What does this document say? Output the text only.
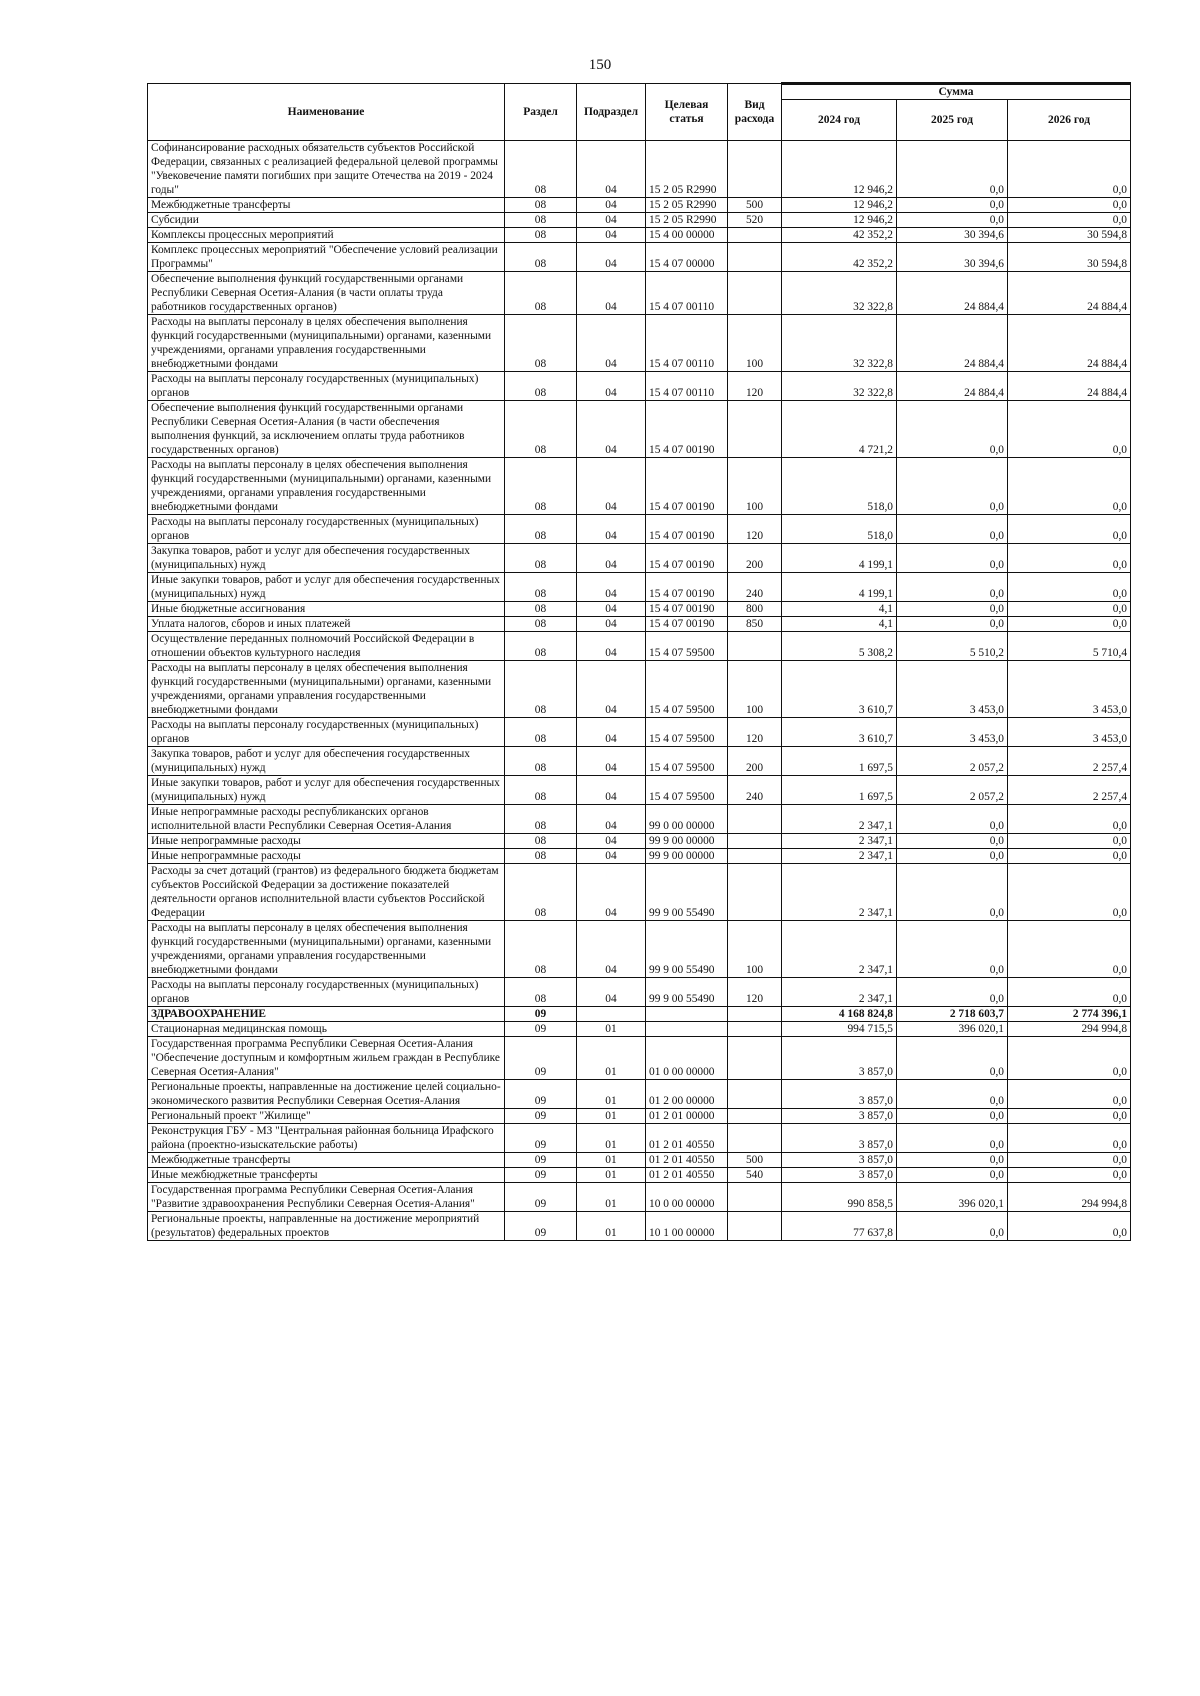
150
Наименование	Раздел	Подраздел	Целевая статья	Вид расхода	Сумма		
					2024 год	2025 год	2026 год
Софинансирование расходных обязательств субъектов Российской Федерации, связанных с реализацией федеральной целевой программы "Увековечение памяти погибших при защите Отечества на 2019 - 2024 годы"	08	04	15 2 05 R2990		12 946,2	0,0	0,0
Межбюджетные трансферты	08	04	15 2 05 R2990	500	12 946,2	0,0	0,0
Субсидии	08	04	15 2 05 R2990	520	12 946,2	0,0	0,0
Комплексы процессных мероприятий	08	04	15 4 00 00000		42 352,2	30 394,6	30 594,8
Комплекс процессных мероприятий "Обеспечение условий реализации Программы"	08	04	15 4 07 00000		42 352,2	30 394,6	30 594,8
Обеспечение выполнения функций государственными органами Республики Северная Осетия-Алания (в части оплаты труда работников государственных органов)	08	04	15 4 07 00110		32 322,8	24 884,4	24 884,4
Расходы на выплаты персоналу в целях обеспечения выполнения функций государственными (муниципальными) органами, казенными учреждениями, органами управления государственными внебюджетными фондами	08	04	15 4 07 00110	100	32 322,8	24 884,4	24 884,4
Расходы на выплаты персоналу государственных (муниципальных) органов	08	04	15 4 07 00110	120	32 322,8	24 884,4	24 884,4
Обеспечение выполнения функций государственными органами Республики Северная Осетия-Алания (в части обеспечения выполнения функций, за исключением оплаты труда работников государственных органов)	08	04	15 4 07 00190		4 721,2	0,0	0,0
Расходы на выплаты персоналу в целях обеспечения выполнения функций государственными (муниципальными) органами, казенными учреждениями, органами управления государственными внебюджетными фондами	08	04	15 4 07 00190	100	518,0	0,0	0,0
Расходы на выплаты персоналу государственных (муниципальных) органов	08	04	15 4 07 00190	120	518,0	0,0	0,0
Закупка товаров, работ и услуг для обеспечения государственных (муниципальных) нужд	08	04	15 4 07 00190	200	4 199,1	0,0	0,0
Иные закупки товаров, работ и услуг для обеспечения государственных (муниципальных) нужд	08	04	15 4 07 00190	240	4 199,1	0,0	0,0
Иные бюджетные ассигнования	08	04	15 4 07 00190	800	4,1	0,0	0,0
Уплата налогов, сборов и иных платежей	08	04	15 4 07 00190	850	4,1	0,0	0,0
Осуществление переданных полномочий Российской Федерации в отношении объектов культурного наследия	08	04	15 4 07 59500		5 308,2	5 510,2	5 710,4
Расходы на выплаты персоналу в целях обеспечения выполнения функций государственными (муниципальными) органами, казенными учреждениями, органами управления государственными внебюджетными фондами	08	04	15 4 07 59500	100	3 610,7	3 453,0	3 453,0
Расходы на выплаты персоналу государственных (муниципальных) органов	08	04	15 4 07 59500	120	3 610,7	3 453,0	3 453,0
Закупка товаров, работ и услуг для обеспечения государственных (муниципальных) нужд	08	04	15 4 07 59500	200	1 697,5	2 057,2	2 257,4
Иные закупки товаров, работ и услуг для обеспечения государственных (муниципальных) нужд	08	04	15 4 07 59500	240	1 697,5	2 057,2	2 257,4
Иные непрограммные расходы республиканских органов исполнительной власти Республики Северная Осетия-Алания	08	04	99 0 00 00000		2 347,1	0,0	0,0
Иные непрограммные расходы	08	04	99 9 00 00000		2 347,1	0,0	0,0
Иные непрограммные расходы	08	04	99 9 00 00000		2 347,1	0,0	0,0
Расходы за счет дотаций (грантов) из федерального бюджета бюджетам субъектов Российской Федерации за достижение показателей деятельности органов исполнительной власти субъектов Российской Федерации	08	04	99 9 00 55490		2 347,1	0,0	0,0
Расходы на выплаты персоналу в целях обеспечения выполнения функций государственными (муниципальными) органами, казенными учреждениями, органами управления государственными внебюджетными фондами	08	04	99 9 00 55490	100	2 347,1	0,0	0,0
Расходы на выплаты персоналу государственных (муниципальных) органов	08	04	99 9 00 55490	120	2 347,1	0,0	0,0
ЗДРАВООХРАНЕНИЕ	09				4 168 824,8	2 718 603,7	2 774 396,1
Стационарная медицинская помощь	09	01			994 715,5	396 020,1	294 994,8
Государственная программа Республики Северная Осетия-Алания "Обеспечение доступным и комфортным жильем граждан в Республике Северная Осетия-Алания"	09	01	01 0 00 00000		3 857,0	0,0	0,0
Региональные проекты, направленные на достижение целей социально-экономического развития Республики Северная Осетия-Алания	09	01	01 2 00 00000		3 857,0	0,0	0,0
Региональный проект "Жилище"	09	01	01 2 01 00000		3 857,0	0,0	0,0
Реконструкция ГБУ - МЗ "Центральная районная больница Ирафского района (проектно-изыскательские работы)	09	01	01 2 01 40550		3 857,0	0,0	0,0
Межбюджетные трансферты	09	01	01 2 01 40550	500	3 857,0	0,0	0,0
Иные межбюджетные трансферты	09	01	01 2 01 40550	540	3 857,0	0,0	0,0
Государственная программа Республики Северная Осетия-Алания "Развитие здравоохранения Республики Северная Осетия-Алания"	09	01	10 0 00 00000		990 858,5	396 020,1	294 994,8
Региональные проекты, направленные на достижение мероприятий (результатов) федеральных проектов	09	01	10 1 00 00000		77 637,8	0,0	0,0
